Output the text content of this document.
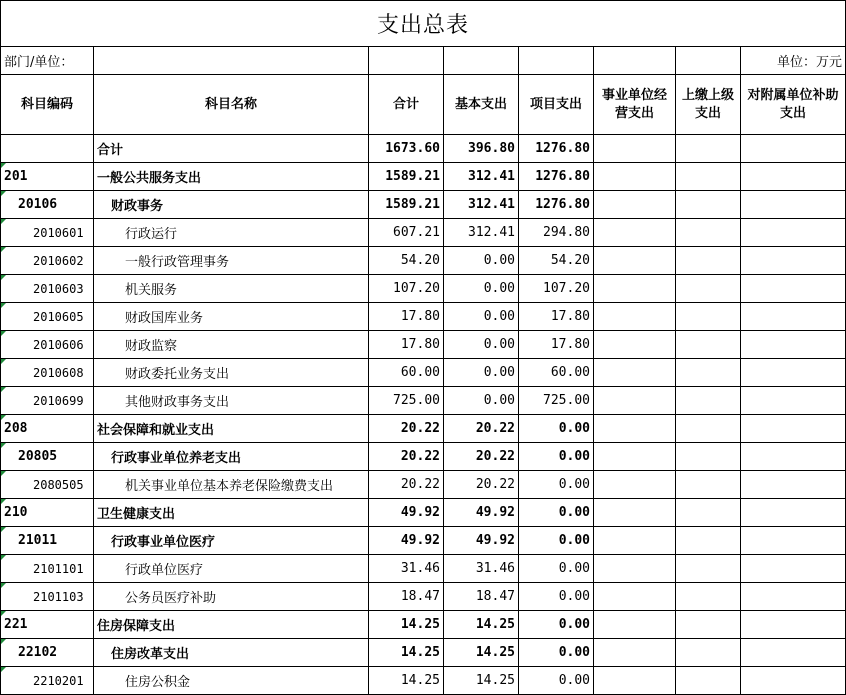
支出总表							
部门/单位：							单位：万元
科目编码	科目名称	合计	基本支出	项目支出	事业单位经营支出	上缴上级支出	对附属单位补助支出
	合计	1673.60	396.80	1276.80			

201	一般公共服务支出	1589.21	312.41	1276.80			

20106	财政事务	1589.21	312.41	1276.80			

2010601	行政运行	607.21	312.41	294.80			

2010602	一般行政管理事务	54.20	0.00	54.20			

2010603	机关服务	107.20	0.00	107.20			

2010605	财政国库业务	17.80	0.00	17.80			

2010606	财政监察	17.80	0.00	17.80			

2010608	财政委托业务支出	60.00	0.00	60.00			

2010699	其他财政事务支出	725.00	0.00	725.00			

208	社会保障和就业支出	20.22	20.22	0.00			

20805	行政事业单位养老支出	20.22	20.22	0.00			

2080505	机关事业单位基本养老保险缴费支出	20.22	20.22	0.00			

210	卫生健康支出	49.92	49.92	0.00			

21011	行政事业单位医疗	49.92	49.92	0.00			

2101101	行政单位医疗	31.46	31.46	0.00			

2101103	公务员医疗补助	18.47	18.47	0.00			

221	住房保障支出	14.25	14.25	0.00			

22102	住房改革支出	14.25	14.25	0.00			

2210201	住房公积金	14.25	14.25	0.00			
